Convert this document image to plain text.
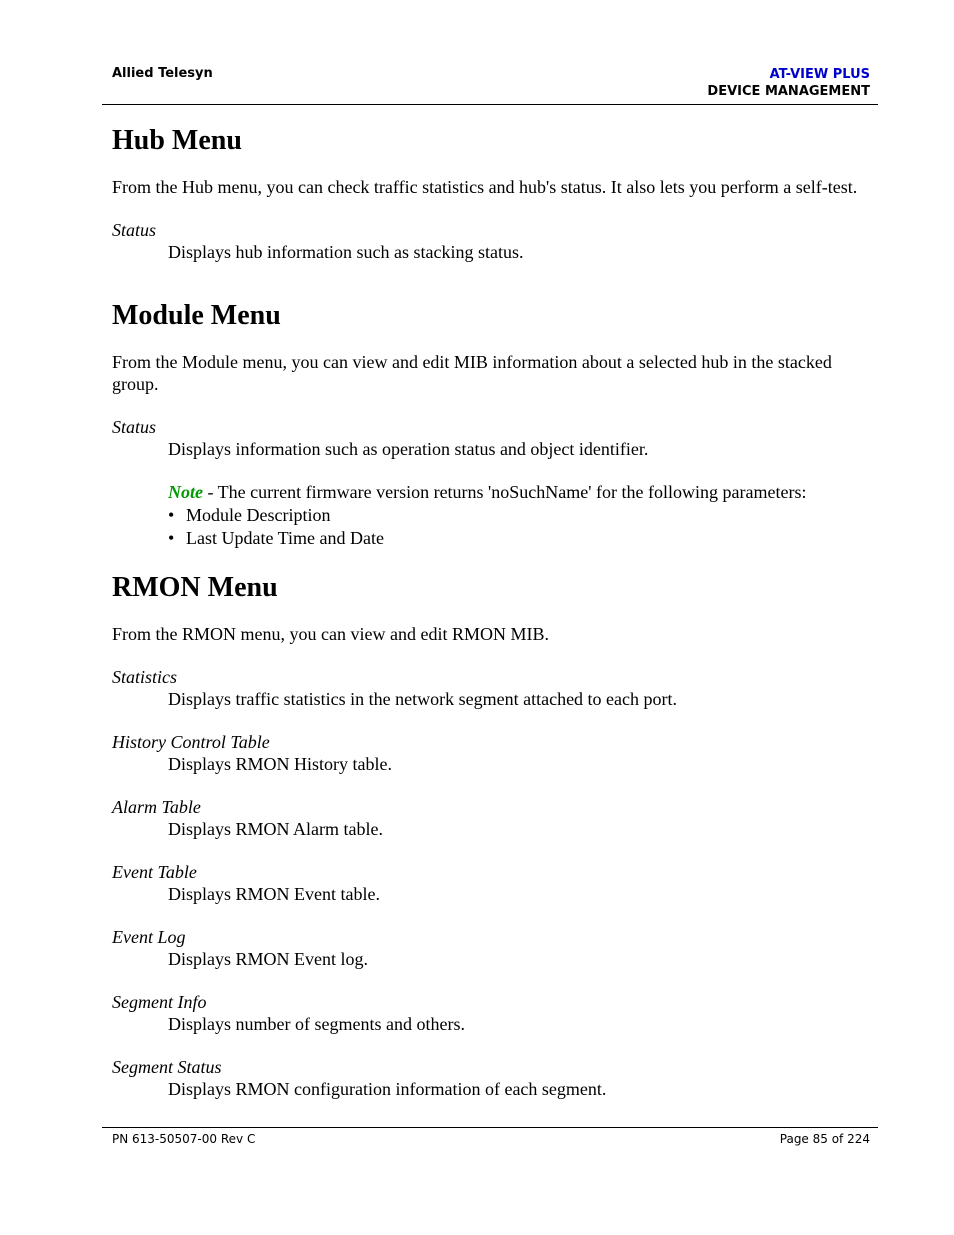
Allied Telesyn	AT-VIEW PLUS
DEVICE MANAGEMENT
Hub Menu

From the Hub menu, you can check traffic statistics and hub's status. It also lets you perform a self-test.

Status

Displays hub information such as stacking status.

Module Menu

From the Module menu, you can view and edit MIB information about a selected hub in the stacked group.

Status

Displays information such as operation status and object identifier.

Note - The current firmware version returns 'noSuchName' for the following parameters:

• Module Description
• Last Update Time and Date
RMON Menu

From the RMON menu, you can view and edit RMON MIB.

Statistics

Displays traffic statistics in the network segment attached to each port.

History Control Table

Displays RMON History table.

Alarm Table

Displays RMON Alarm table.

Event Table

Displays RMON Event table.

Event Log

Displays RMON Event log.

Segment Info

Displays number of segments and others.

Segment Status

Displays RMON configuration information of each segment.

PN 613-50507-00 Rev C	Page 85 of 224
